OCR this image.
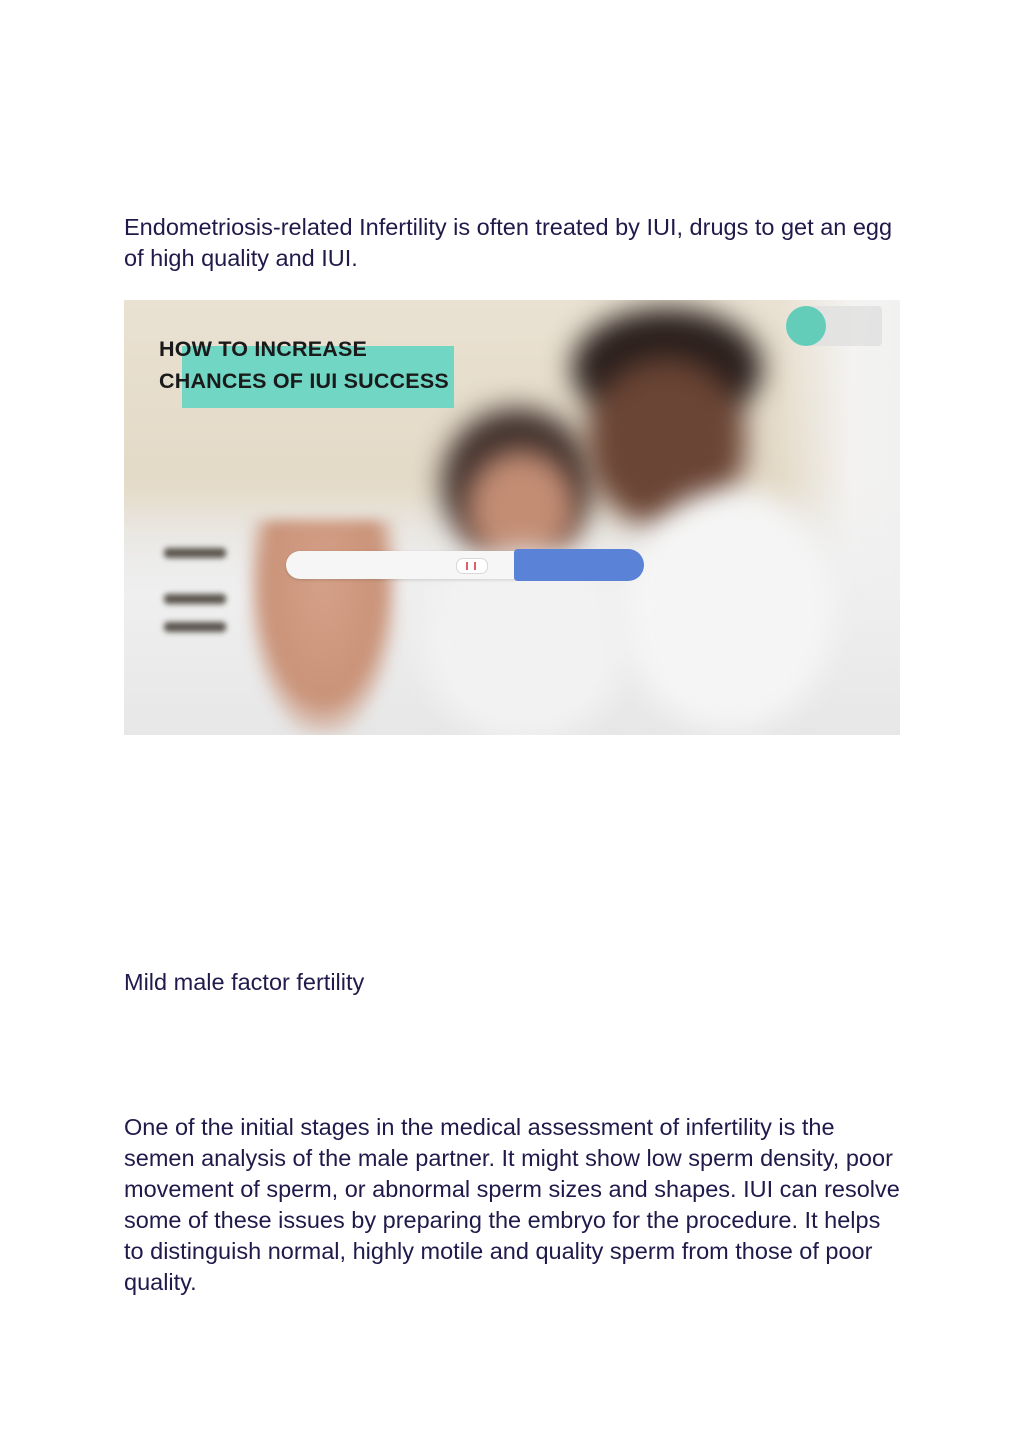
Endometriosis-related Infertility is often treated by IUI, drugs to get an egg of high quality and IUI.

HOW TO INCREASE
CHANCES OF IUI SUCCESS

Mild male factor fertility

One of the initial stages in the medical assessment of infertility is the semen analysis of the male partner. It might show low sperm density, poor movement of sperm, or abnormal sperm sizes and shapes. IUI can resolve some of these issues by preparing the embryo for the procedure. It helps to distinguish normal, highly motile and quality sperm from those of poor quality.
